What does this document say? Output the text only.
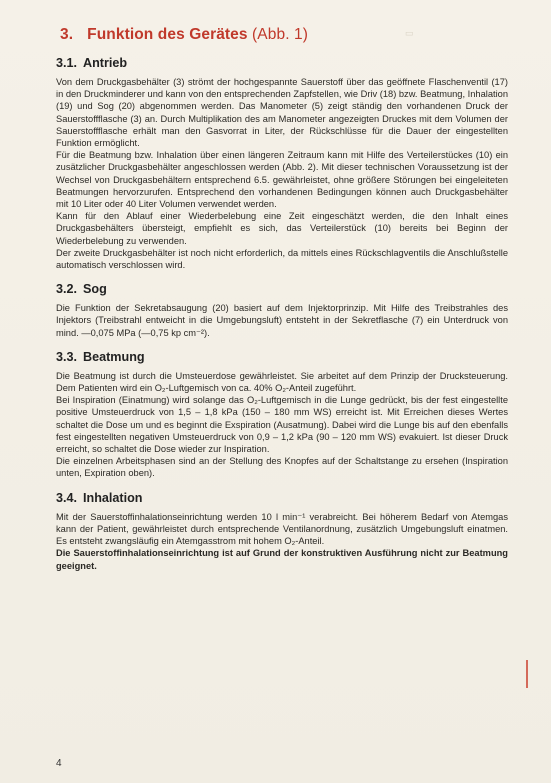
▭
3. Funktion des Gerätes (Abb. 1)
3.1. Antrieb

Von dem Druckgasbehälter (3) strömt der hochgespannte Sauerstoff über das geöffnete Flaschenventil (17) in den Druckminderer und kann von den entsprechenden Zapfstellen, wie Driv (18) bzw. Beatmung, Inhalation (19) und Sog (20) abgenommen werden. Das Manometer (5) zeigt ständig den vorhandenen Druck der Sauerstoffflasche (3) an. Durch Multiplikation des am Manometer angezeigten Druckes mit dem Volumen der Sauerstoffflasche erhält man den Gasvorrat in Liter, der Rückschlüsse für die Dauer der eingestellten Funktion ermöglicht.

Für die Beatmung bzw. Inhalation über einen längeren Zeitraum kann mit Hilfe des Verteilerstückes (10) ein zusätzlicher Druckgasbehälter angeschlossen werden (Abb. 2). Mit dieser technischen Voraussetzung ist der Wechsel von Druckgasbehältern entsprechend 6.5. gewährleistet, ohne größere Störungen bei eingeleiteten Beatmungen hervorzurufen. Entsprechend den vorhandenen Bedingungen können auch Druckgasbehälter mit 10 Liter oder 40 Liter Volumen verwendet werden.

Kann für den Ablauf einer Wiederbelebung eine Zeit eingeschätzt werden, die den Inhalt eines Druckgasbehälters übersteigt, empfiehlt es sich, das Verteilerstück (10) bereits bei Beginn der Wiederbelebung zu verwenden.

Der zweite Druckgasbehälter ist noch nicht erforderlich, da mittels eines Rückschlagventils die Anschlußstelle automatisch verschlossen wird.

3.2. Sog

Die Funktion der Sekretabsaugung (20) basiert auf dem Injektorprinzip. Mit Hilfe des Treibstrahles des Injektors (Treibstrahl entweicht in die Umgebungsluft) entsteht in der Sekretflasche (7) ein Unterdruck von mind. —0,075 MPa (—0,75 kp cm⁻²).

3.3. Beatmung

Die Beatmung ist durch die Umsteuerdose gewährleistet. Sie arbeitet auf dem Prinzip der Drucksteuerung. Dem Patienten wird ein O₂-Luftgemisch von ca. 40% O₂-Anteil zugeführt.

Bei Inspiration (Einatmung) wird solange das O₂-Luftgemisch in die Lunge gedrückt, bis der fest eingestellte positive Umsteuerdruck von 1,5 – 1,8 kPa (150 – 180 mm WS) erreicht ist. Mit Erreichen dieses Wertes schaltet die Dose um und es beginnt die Exspiration (Ausatmung). Dabei wird die Lunge bis auf den ebenfalls fest eingestellten negativen Umsteuerdruck von 0,9 – 1,2 kPa (90 – 120 mm WS) evakuiert. Ist dieser Druck erreicht, so schaltet die Dose wieder zur Inspiration.

Die einzelnen Arbeitsphasen sind an der Stellung des Knopfes auf der Schaltstange zu ersehen (Inspiration unten, Expiration oben).

3.4. Inhalation

Mit der Sauerstoffinhalationseinrichtung werden 10 l min⁻¹ verabreicht. Bei höherem Bedarf von Atemgas kann der Patient, gewährleistet durch entsprechende Ventilanordnung, zusätzlich Umgebungsluft einatmen. Es entsteht zwangsläufig ein Atemgasstrom mit hohem O₂-Anteil.

Die Sauerstoffinhalationseinrichtung ist auf Grund der konstruktiven Ausführung nicht zur Beatmung geeignet.

4
